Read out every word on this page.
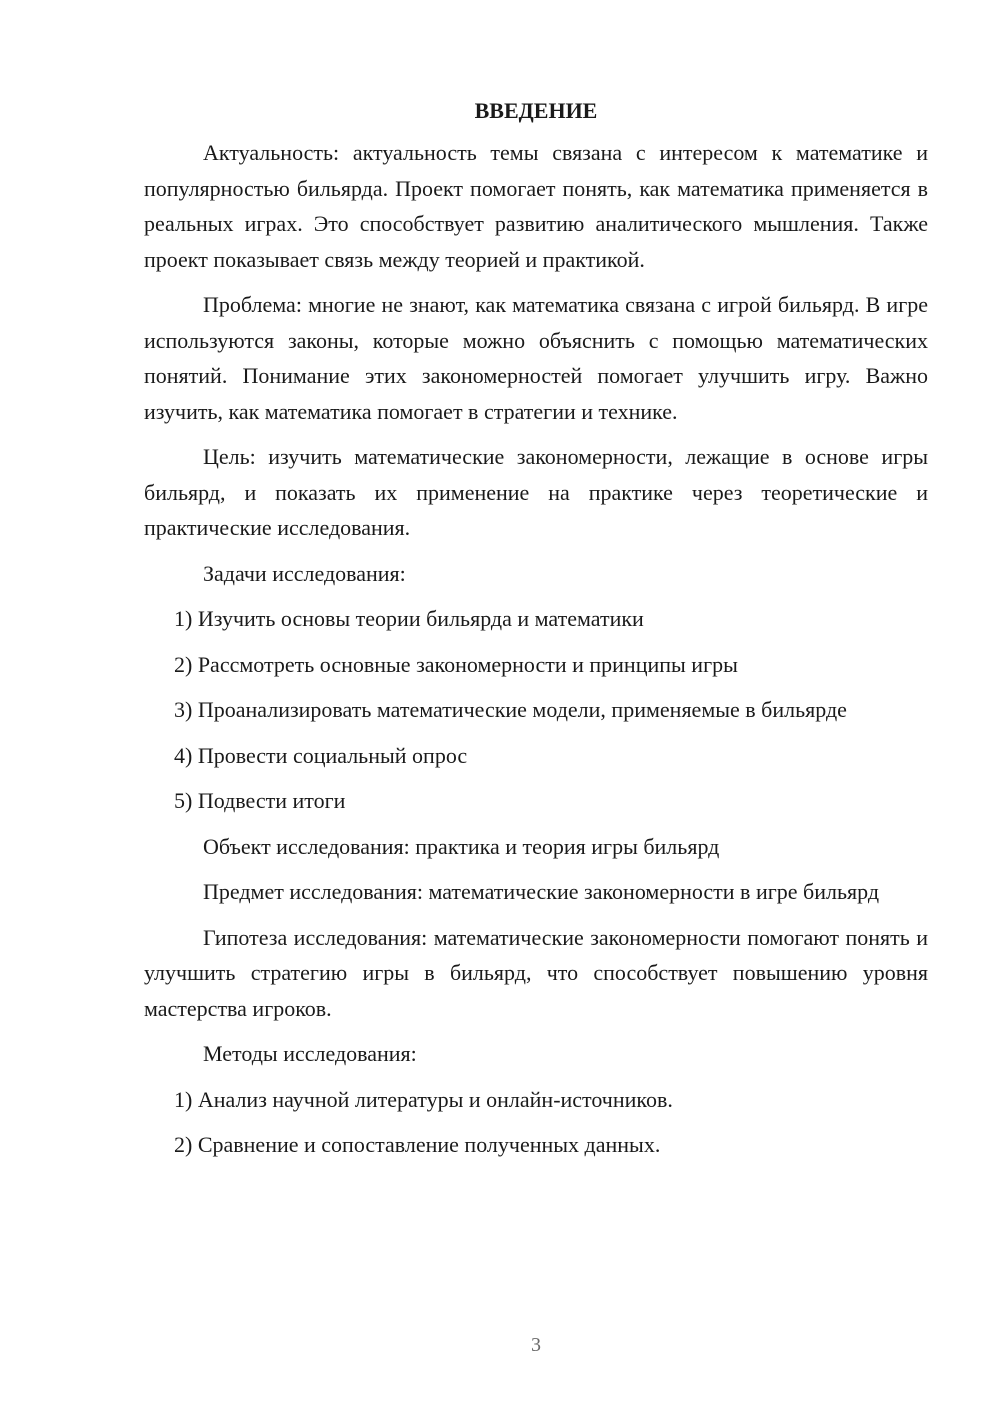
ВВЕДЕНИЕ

Актуальность: актуальность темы связана с интересом к математике и популярностью бильярда. Проект помогает понять, как математика применяется в реальных играх. Это способствует развитию аналитического мышления. Также проект показывает связь между теорией и практикой.

Проблема: многие не знают, как математика связана с игрой бильярд. В игре используются законы, которые можно объяснить с помощью математических понятий. Понимание этих закономерностей помогает улучшить игру. Важно изучить, как математика помогает в стратегии и технике.

Цель: изучить математические закономерности, лежащие в основе игры бильярд, и показать их применение на практике через теоретические и практические исследования.

Задачи исследования:

1) Изучить основы теории бильярда и математики

2) Рассмотреть основные закономерности и принципы игры

3) Проанализировать математические модели, применяемые в бильярде

4) Провести социальный опрос

5) Подвести итоги

Объект исследования: практика и теория игры бильярд

Предмет исследования: математические закономерности в игре бильярд

Гипотеза исследования: математические закономерности помогают понять и улучшить стратегию игры в бильярд, что способствует повышению уровня мастерства игроков.

Методы исследования:

1) Анализ научной литературы и онлайн-источников.

2) Сравнение и сопоставление полученных данных.

3
